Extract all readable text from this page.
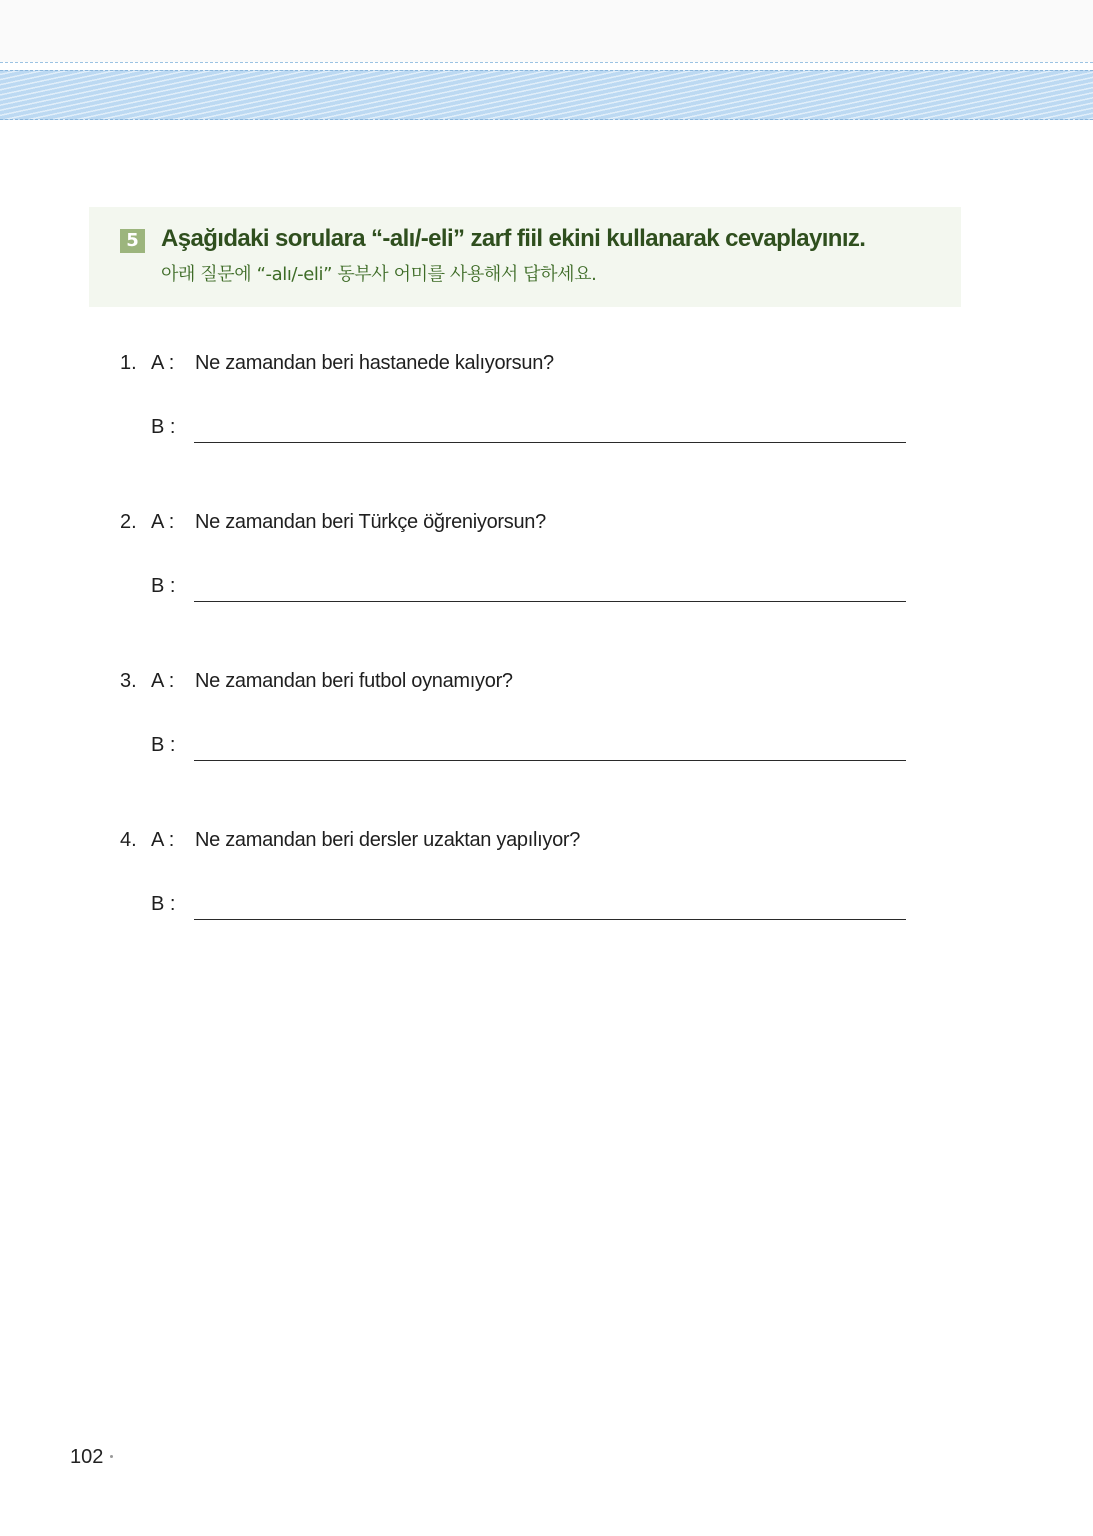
5 Aşağıdaki sorulara “-alı/-eli” zarf fiil ekini kullanarak cevaplayınız.
아래 질문에 “-alı/-eli” 동부사 어미를 사용해서 답하세요.
1. A : Ne zamandan beri hastanede kalıyorsun?
B :
2. A : Ne zamandan beri Türkçe öğreniyorsun?
B :
3. A : Ne zamandan beri futbol oynamıyor?
B :
4. A : Ne zamandan beri dersler uzaktan yapılıyor?
B :
102
